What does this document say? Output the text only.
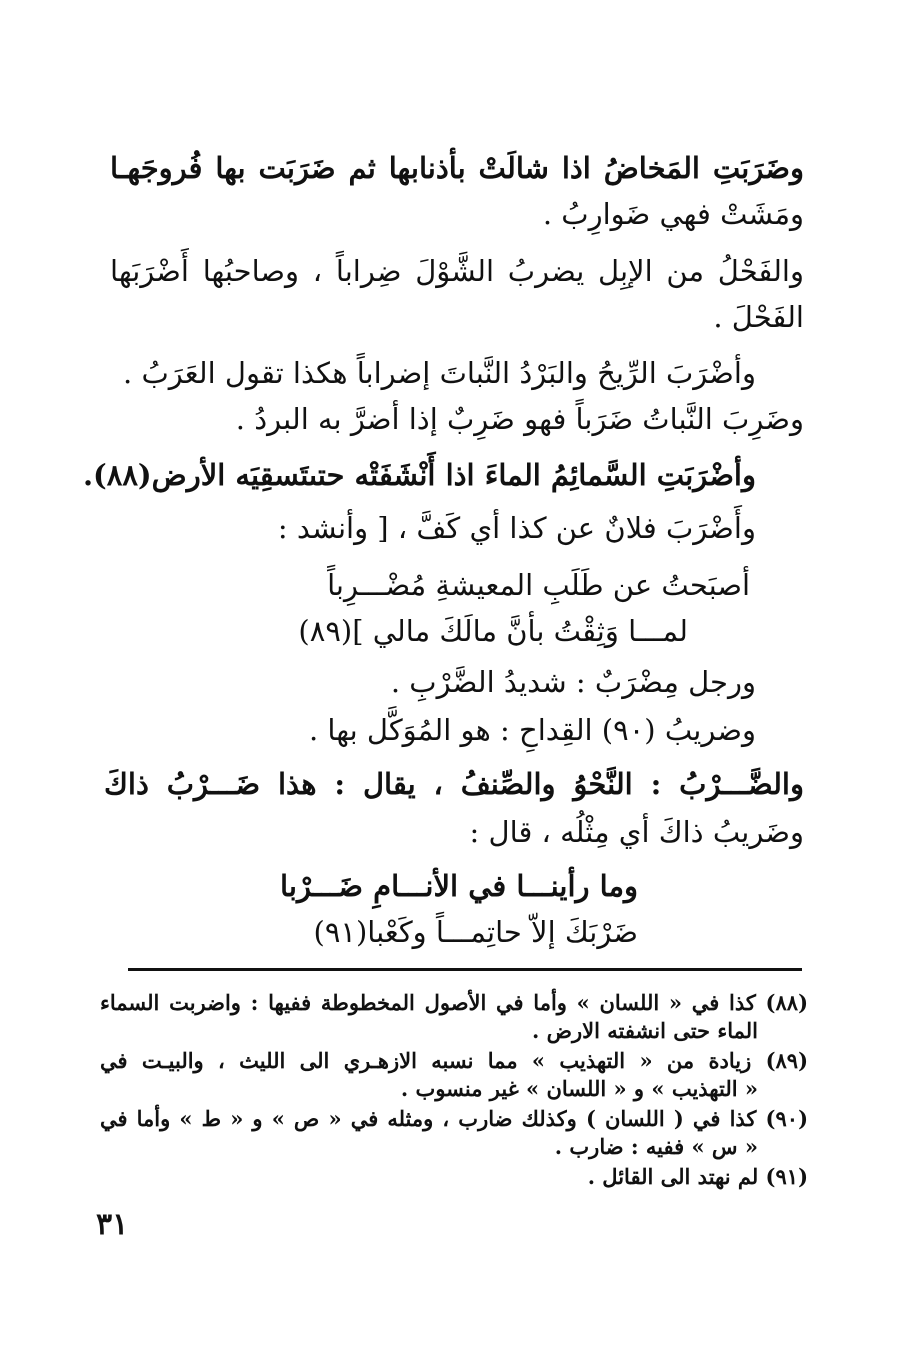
وضَرَبَتِ المَخاضُ اذا شالَتْ بأذنابها ثم ضَرَبَت بها فُروجَهـا
ومَشَتْ فهي ضَوارِبُ .
والفَحْلُ من الإبِل يضربُ الشَّوْلَ ضِراباً ، وصاحبُها أَضْرَبَها
الفَحْلَ .
وأضْرَبَ الرِّيحُ والبَرْدُ النَّباتَ إضراباً هكذا تقول العَرَبُ .
وضَرِبَ النَّباتُ ضَرَباً فهو ضَرِبٌ إذا أضرَّ به البردُ .
وأضْرَبَتِ السَّمائِمُ الماءَ اذا أَنْشَفَتْه حتىتَسقِيَه الأرض(٨٨).
وأَضْرَبَ فلانٌ عن كذا أي كَفَّ ، [ وأنشد :
أصبَحتُ عن طَلَبِ المعيشةِ مُضْـــرِباً
لمـــا وَثِقْتُ بأنَّ مالَكَ مالي ](٨٩)
ورجل مِضْرَبٌ : شديدُ الضَّرْبِ .
وضريبُ (٩٠) القِداحِ : هو المُوَكَّل بها .
والضَّـــرْبُ : النَّحْوُ والصِّنفُ ، يقال : هذا ضَـــرْبُ ذاكَ
وضَريبُ ذاكَ أي مِثْلُه ، قال :
وما رأينـــا في الأنـــامِ ضَـــرْبا
ضَرْبَكَ إلاّ حاتِمـــاً وكَعْبا(٩١)
(٨٨) كذا في « اللسان » وأما في الأصول المخطوطة ففيها : واضربت السماء
الماء حتى انشفته الارض .
(٨٩) زيادة من « التهذيب » مما نسبه الازهـري الى الليث ، والبيـت في
« التهذيب » و « اللسان » غير منسوب .
(٩٠) كذا في ( اللسان ) وكذلك ضارب ، ومثله في « ص » و « ط » وأما في
« س » ففيه : ضارب .
(٩١) لم نهتد الى القائل .
٣١
